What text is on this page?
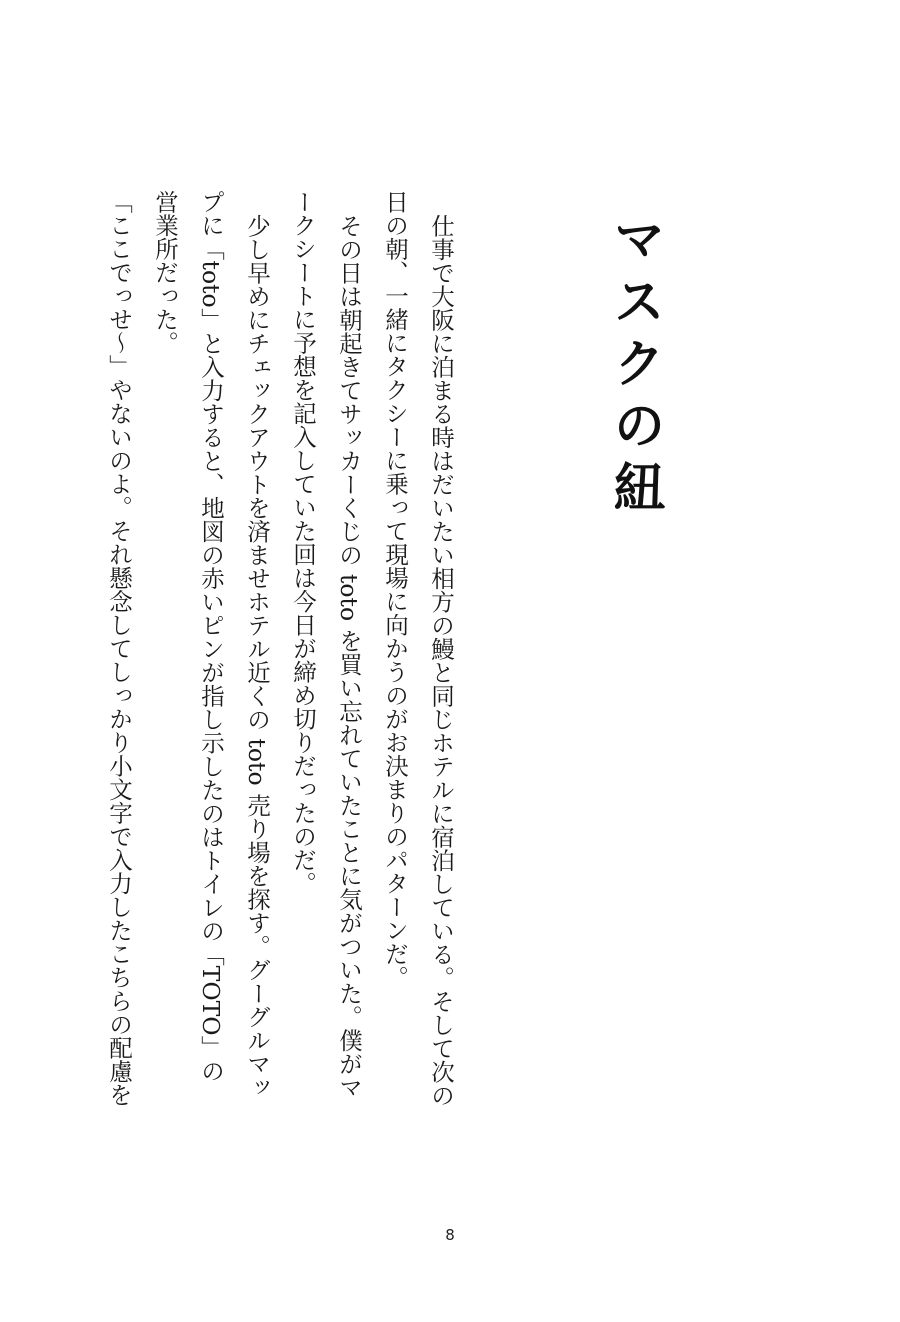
マスクの紐
仕事で大阪に泊まる時はだいたい相方の鰻と同じホテルに宿泊している。そして次の
日の朝、一緒にタクシーに乗って現場に向かうのがお決まりのパターンだ。
その日は朝起きてサッカーくじの toto を買い忘れていたことに気がついた。僕がマ
ークシートに予想を記入していた回は今日が締め切りだったのだ。
少し早めにチェックアウトを済ませホテル近くの toto 売り場を探す。グーグルマッ
プに「toto」と入力すると、地図の赤いピンが指し示したのはトイレの「TOTO」の
営業所だった。
「ここでっせ〜」やないのよ。それ懸念してしっかり小文字で入力したこちらの配慮を
8
